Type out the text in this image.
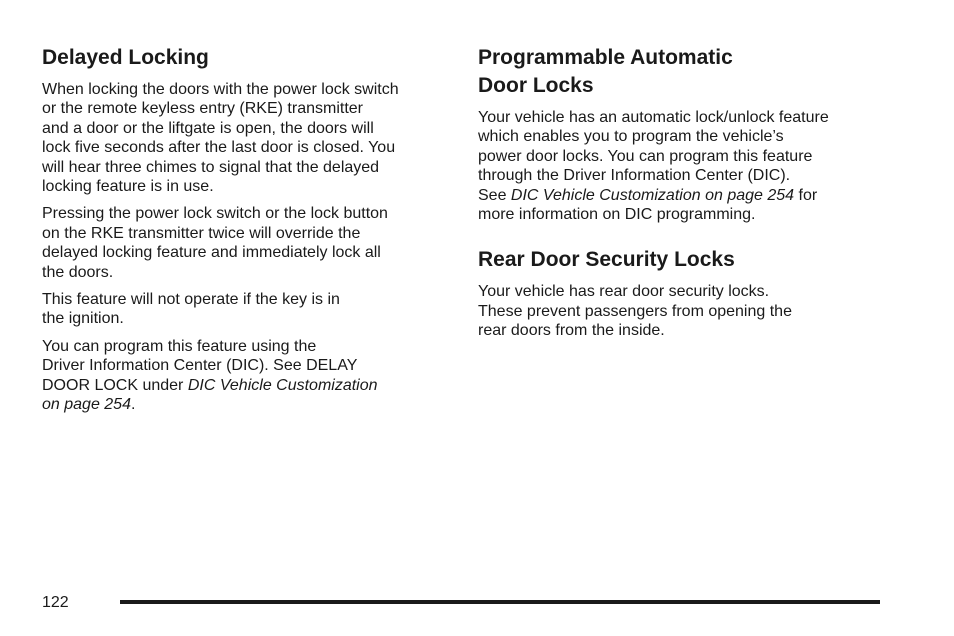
Delayed Locking

When locking the doors with the power lock switch
or the remote keyless entry (RKE) transmitter
and a door or the liftgate is open, the doors will
lock five seconds after the last door is closed. You
will hear three chimes to signal that the delayed
locking feature is in use.

Pressing the power lock switch or the lock button
on the RKE transmitter twice will override the
delayed locking feature and immediately lock all
the doors.

This feature will not operate if the key is in
the ignition.

You can program this feature using the
Driver Information Center (DIC). See DELAY
DOOR LOCK under DIC Vehicle Customization
on page 254.

Programmable Automatic
Door Locks

Your vehicle has an automatic lock/unlock feature
which enables you to program the vehicle’s
power door locks. You can program this feature
through the Driver Information Center (DIC).
See DIC Vehicle Customization on page 254 for
more information on DIC programming.

Rear Door Security Locks

Your vehicle has rear door security locks.
These prevent passengers from opening the
rear doors from the inside.

122
